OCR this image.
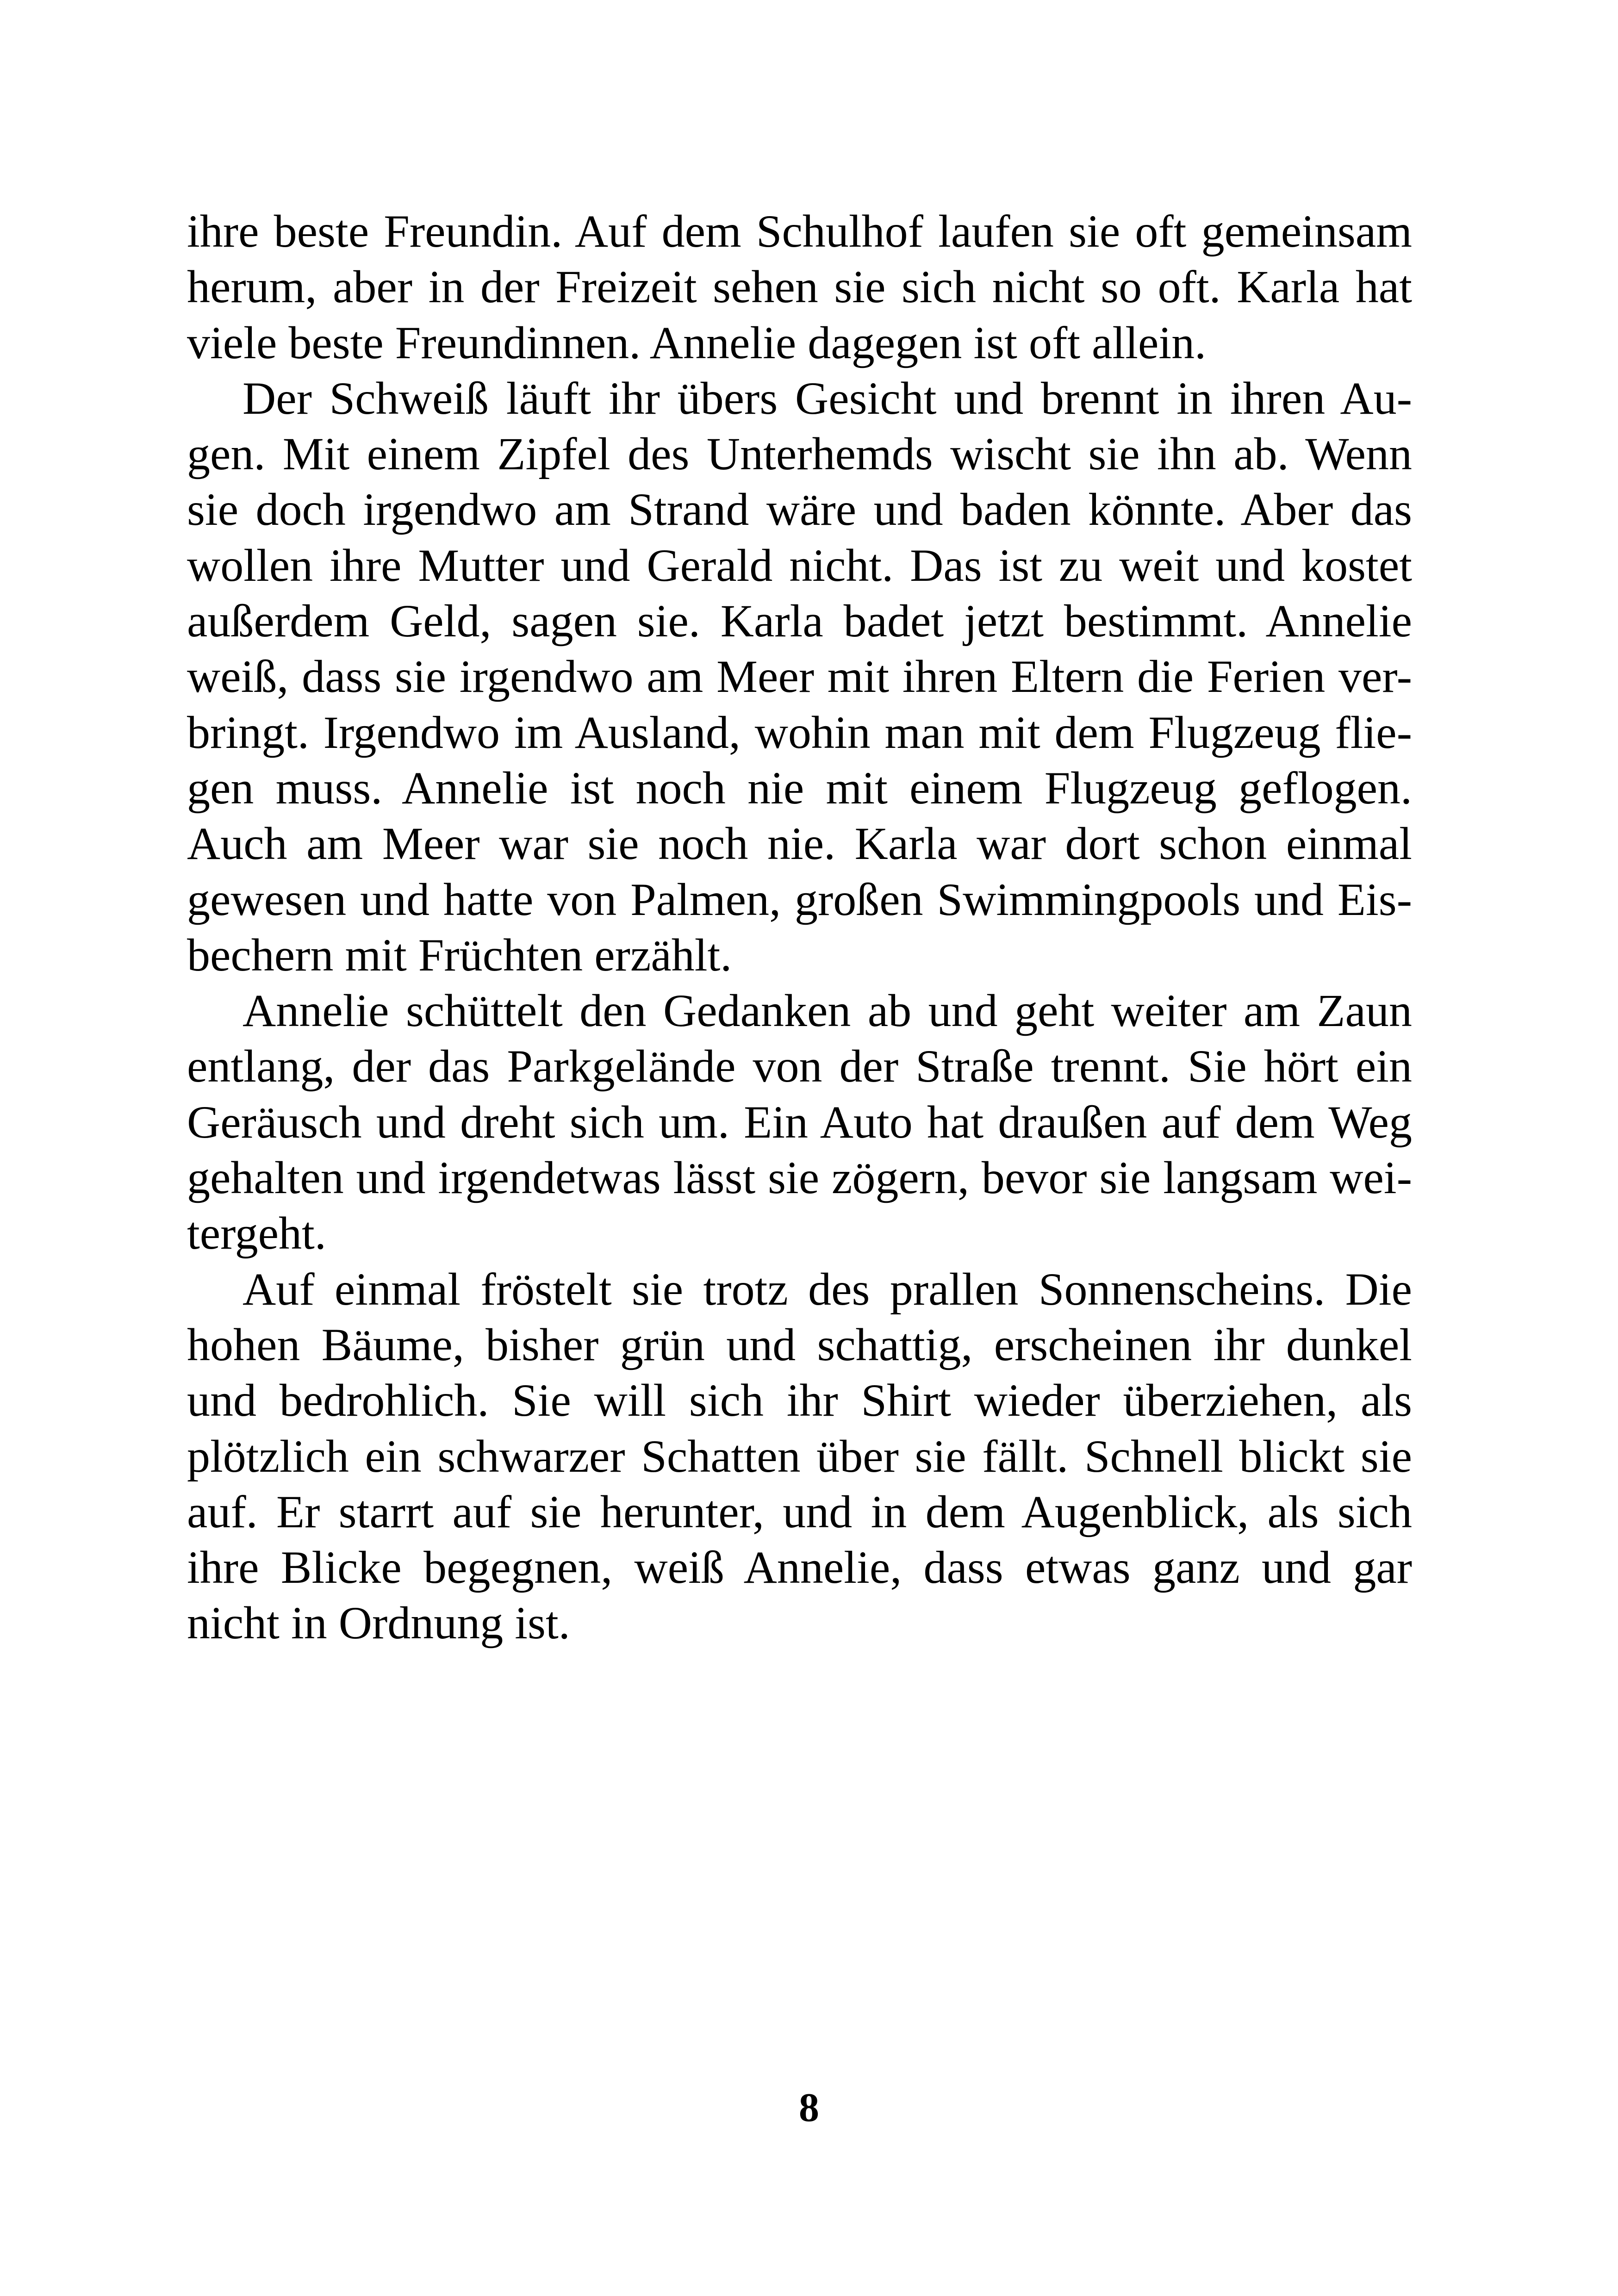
ihre beste Freundin. Auf dem Schulhof laufen sie oft gemeinsam
herum, aber in der Freizeit sehen sie sich nicht so oft. Karla hat
viele beste Freundinnen. Annelie dagegen ist oft allein.
Der Schweiß läuft ihr übers Gesicht und brennt in ihren Au-
gen. Mit einem Zipfel des Unterhemds wischt sie ihn ab. Wenn
sie doch irgendwo am Strand wäre und baden könnte. Aber das
wollen ihre Mutter und Gerald nicht. Das ist zu weit und kostet
außerdem Geld, sagen sie. Karla badet jetzt bestimmt. Annelie
weiß, dass sie irgendwo am Meer mit ihren Eltern die Ferien ver-
bringt. Irgendwo im Ausland, wohin man mit dem Flugzeug flie-
gen muss. Annelie ist noch nie mit einem Flugzeug geflogen.
Auch am Meer war sie noch nie. Karla war dort schon einmal
gewesen und hatte von Palmen, großen Swimmingpools und Eis-
bechern mit Früchten erzählt.
Annelie schüttelt den Gedanken ab und geht weiter am Zaun
entlang, der das Parkgelände von der Straße trennt. Sie hört ein
Geräusch und dreht sich um. Ein Auto hat draußen auf dem Weg
gehalten und irgendetwas lässt sie zögern, bevor sie langsam wei-
tergeht.
Auf einmal fröstelt sie trotz des prallen Sonnenscheins. Die
hohen Bäume, bisher grün und schattig, erscheinen ihr dunkel
und bedrohlich. Sie will sich ihr Shirt wieder überziehen, als
plötzlich ein schwarzer Schatten über sie fällt. Schnell blickt sie
auf. Er starrt auf sie herunter, und in dem Augenblick, als sich
ihre Blicke begegnen, weiß Annelie, dass etwas ganz und gar
nicht in Ordnung ist.
8
